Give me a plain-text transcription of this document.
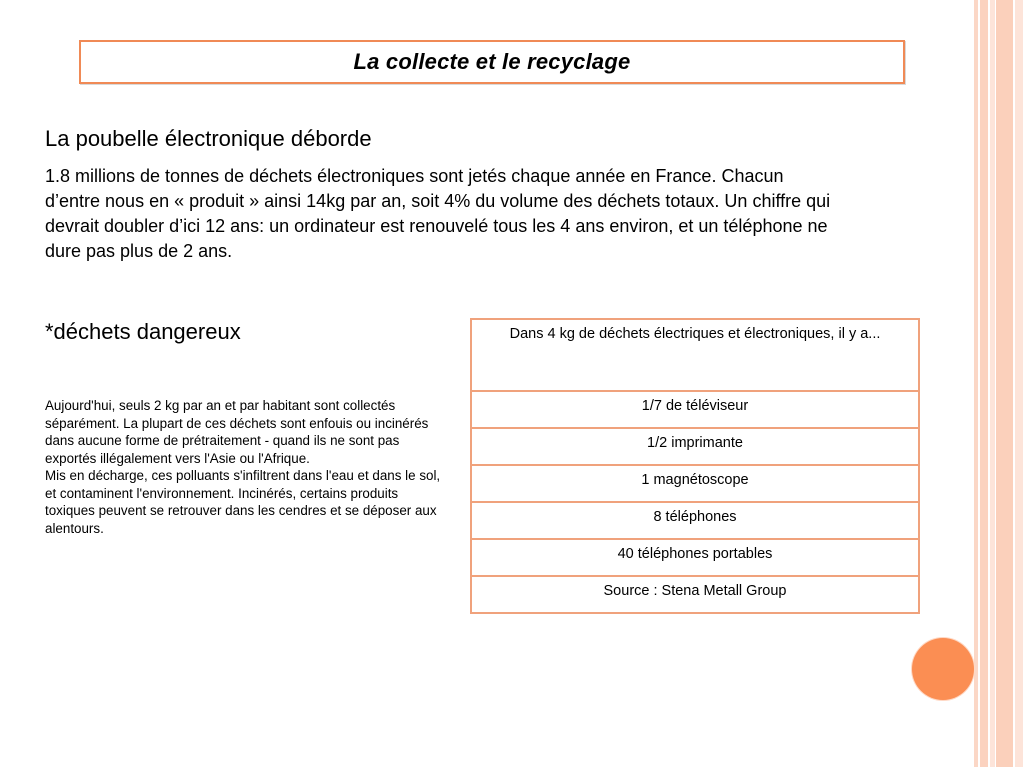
La collecte et le recyclage
La poubelle électronique déborde
1.8 millions de tonnes de déchets électroniques sont jetés chaque année en France. Chacun d’entre nous en « produit » ainsi 14kg par an, soit 4% du volume des déchets totaux. Un chiffre qui devrait doubler d’ici 12 ans: un ordinateur est renouvelé tous les 4 ans environ, et un téléphone ne dure pas plus de 2 ans.
*déchets dangereux

Aujourd'hui, seuls 2 kg par an et par habitant sont collectés séparément. La plupart de ces déchets sont enfouis ou incinérés dans aucune forme de prétraitement - quand ils ne sont pas exportés illégalement vers l'Asie ou l'Afrique.

Mis en décharge, ces polluants s'infiltrent dans l'eau et dans le sol, et contaminent l'environnement. Incinérés, certains produits toxiques peuvent se retrouver dans les cendres et se déposer aux alentours.

Dans 4 kg de déchets électriques et électroniques, il y a...
1/7 de téléviseur
1/2 imprimante
1 magnétoscope
8 téléphones
40 téléphones portables
Source : Stena Metall Group
